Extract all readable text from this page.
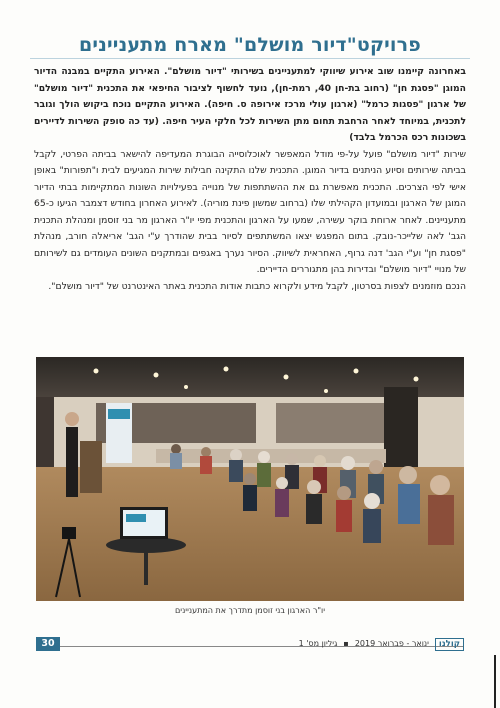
פרויקט"דיור מושלם" מארח מתעניינים

באחרונה קיימנו שוב אירוע שיווקי למתעניינים בשירותי "דיור מושלם". האירוע התקיים במבנה הדיור המוגן "פסגת חן" (רחוב בת-חן 40, רמת-חן), נועד לחשוף לציבור החיפאי את התכנית "דיור מושלם" של ארגון "פסגות כרמל" (ארגון עולי מרכז אירופה ס. חיפה). האירוע התקיים נוכח ביקוש הולך וגובר לתכנית, במיוחד לאחר הרחבת תחום מתן השירות לכל חלקי העיר חיפה. (עד כה סופק השירות לדיירים בשכונות רכס הכרמל בלבד)

שירות "דיור מושלם" פועל על-פי מודל המאפשר לאוכלוסייה הבוגרת המעדיפה להישאר בביתה הפרטי, לקבל בביתה שירותים וסיוע הניתנים בדיור המוגן. התכנית שלנו התקינה חבילות שירות המגיעים לבית ו"תפורות" באופן אישי לפי הצרכים. התכנית מאפשרת גם את ההשתתפות של מנוייה בפעילויות השונות המתקיימות בבתי הדיור המוגן של הארגון ובמועדון הקהילתי שלו (ברחוב שמשון פינת מוריה). לאירוע האחרון בחודש דצמבר הגיעו כ-65 מתעניינים. לאחר ארוחת בוקר עשירה, שמעו על הארגון והתכנית מפי יו"ר הארגון מר בני זוסמן ומנהלת התכנית הגב' לאה שלייכר-נובק. בתום המפגש יצאו המשתתפים לסיור בבית שהודרך ע"י הגב' אריאלה חורב, מנהלת "פסגת חן" וע"י הגב' דנה גרוף, האחראית לשיווק. הסיור נערך באגפים ובמתקנים השונים העומדים גם לשירותם של מנויי "דיור מושלם" ובדירות בהן מתגוררים הדיירים.

הנכם מוזמנים לצפות בסרטון, לקבל מידע ולקרוא כתבות אודות התכנית באתר האינטרנט של "דיור מושלם".

יו"ר הארגון בני זוסמן מתדרך את המתעניינים
30	קולנו
ינואר - פברואר 2019
▪
גיליון מס' 1
